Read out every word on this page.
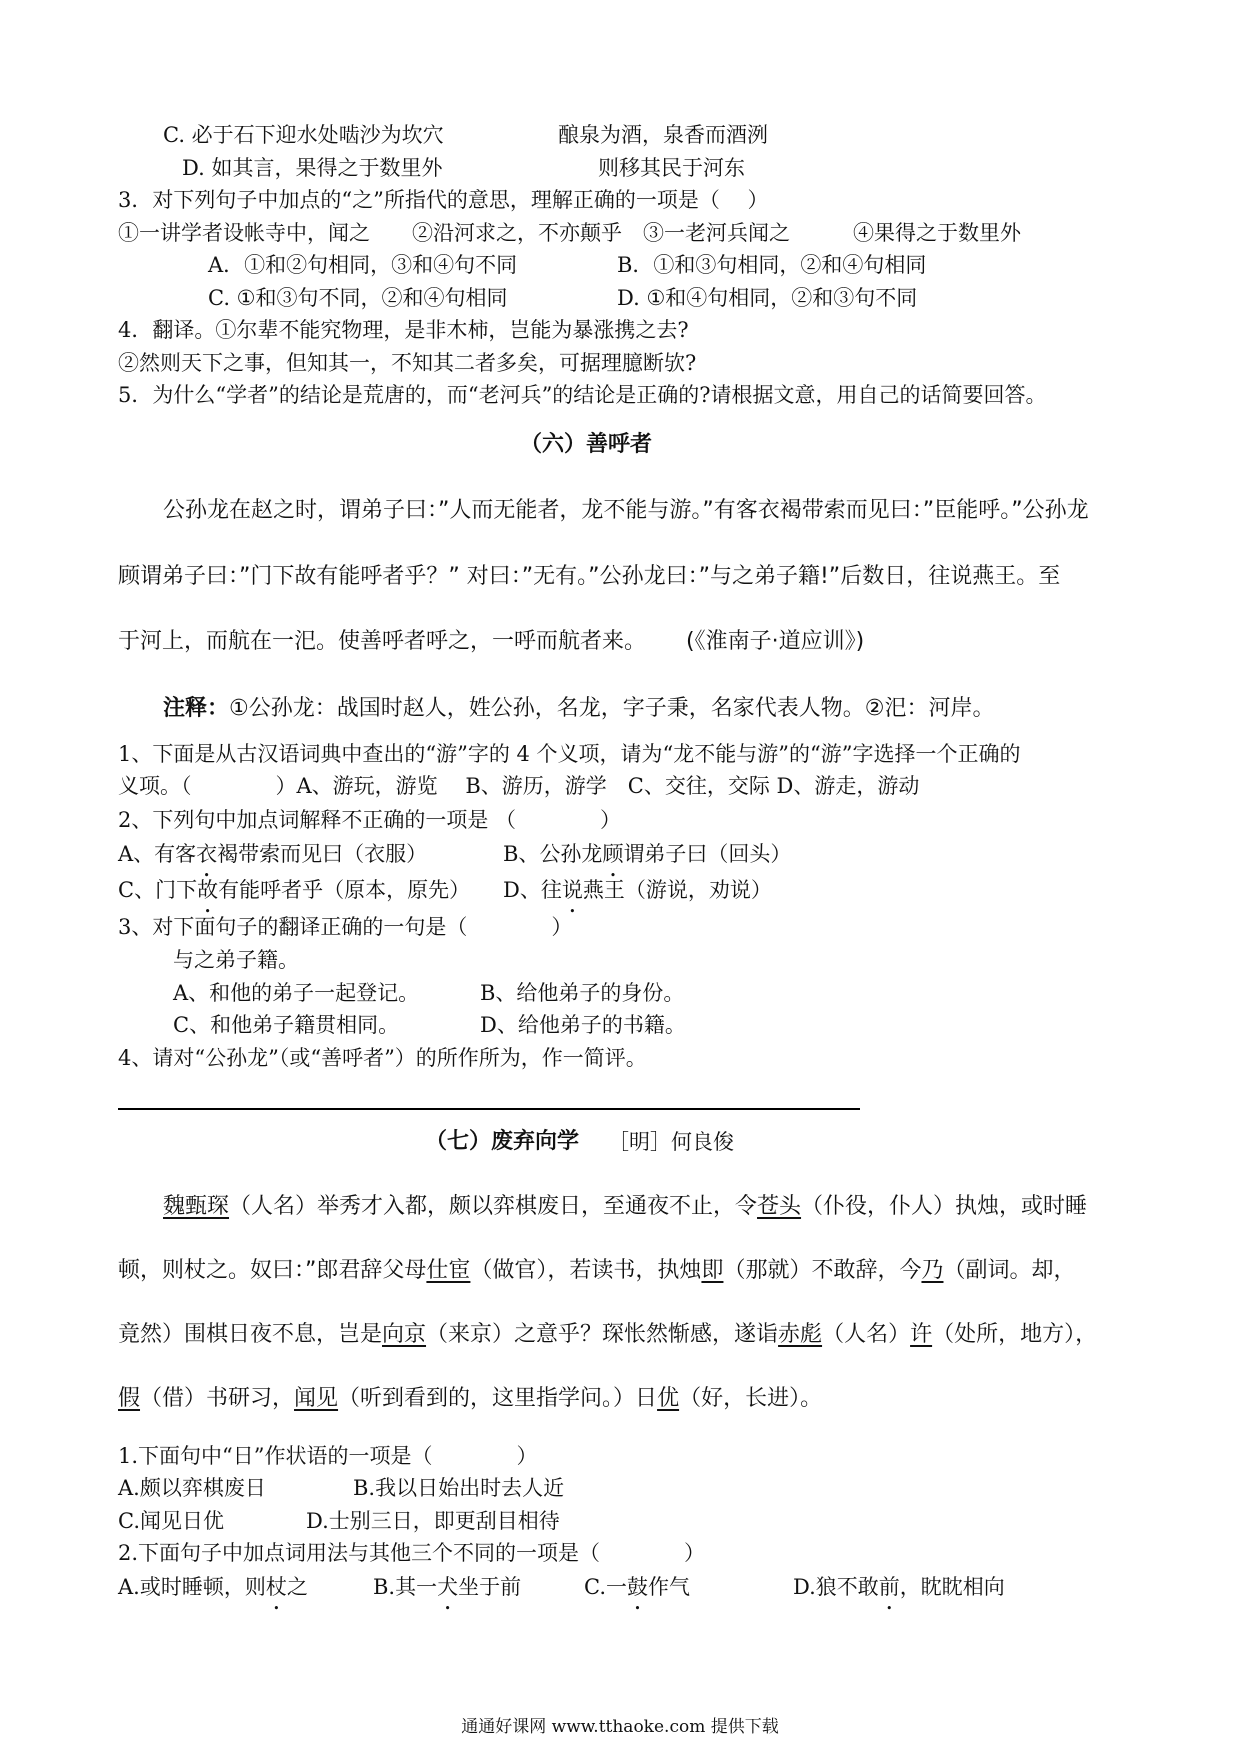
C. 必于石下迎水处啮沙为坎穴	酿泉为酒，泉香而酒洌
D. 如其言，果得之于数里外	则移其民于河东
3．对下列句子中加点的“之”所指代的意思，理解正确的一项是（　 ）
①一讲学者设帐寺中，闻之　　②沿河求之，不亦颠乎　③一老河兵闻之　　　④果得之于数里外
A．①和②句相同，③和④句不同	B．①和③句相同，②和④句相同
C. ①和③句不同，②和④句相同	D. ①和④句相同，②和③句不同
4．翻译。①尔辈不能究物理，是非木柿，岂能为暴涨携之去?
②然则天下之事，但知其一，不知其二者多矣，可据理臆断欤?
5．为什么“学者”的结论是荒唐的，而“老河兵”的结论是正确的?请根据文意，用自己的话简要回答。
（六）善呼者
公孙龙在赵之时，谓弟子曰：”人而无能者，龙不能与游。”有客衣褐带索而见曰：”臣能呼。”公孙龙
顾谓弟子曰：”门下故有能呼者乎？” 对曰：”无有。”公孙龙曰：”与之弟子籍!”后数日，往说燕王。至
于河上，而航在一汜。使善呼者呼之，一呼而航者来。 (《淮南子·道应训》)
注释：①公孙龙：战国时赵人，姓公孙，名龙，字子秉，名家代表人物。②汜：河岸。
1、下面是从古汉语词典中查出的“游”字的 4 个义项，请为“龙不能与游”的“游”字选择一个正确的
义项。（　　　　）A、游玩，游览　 B、游历，游学　C、交往，交际 D、游走，游动
2、下列句中加点词解释不正确的一项是 （　　　　）
A、有客衣褐带索而见曰（衣服）	B、公孙龙顾谓弟子曰（回头）
C、门下故有能呼者乎（原本，原先） D、往说燕王（游说，劝说）
3、对下面句子的翻译正确的一句是（　　　　）
与之弟子籍。
A、和他的弟子一起登记。	B、给他弟子的身份。
C、和他弟子籍贯相同。	D、给他弟子的书籍。
4、请对“公孙龙”（或“善呼者”）的所作所为，作一简评。
（七）废弃向学 ［明］何良俊
魏甄琛（人名）举秀才入都，颇以弈棋废日，至通夜不止，令苍头（仆役，仆人）执烛，或时睡
顿，则杖之。奴曰：”郎君辞父母仕宦（做官），若读书，执烛即（那就）不敢辞，今乃（副词。却，
竟然）围棋日夜不息，岂是向京（来京）之意乎？琛怅然惭感，遂诣赤彪（人名）许（处所，地方），
假（借）书研习，闻见（听到看到的，这里指学问。）日优（好，长进）。
1.下面句中“日”作状语的一项是（　　　　）
A.颇以弈棋废日	B.我以日始出时去人近
C.闻见日优	D.士别三日，即更刮目相待
2.下面句子中加点词用法与其他三个不同的一项是（　　　　）
A.或时睡顿，则杖之	B.其一犬坐于前	C.一鼓作气	D.狼不敢前，眈眈相向
通通好课网 www.tthaoke.com 提供下载
